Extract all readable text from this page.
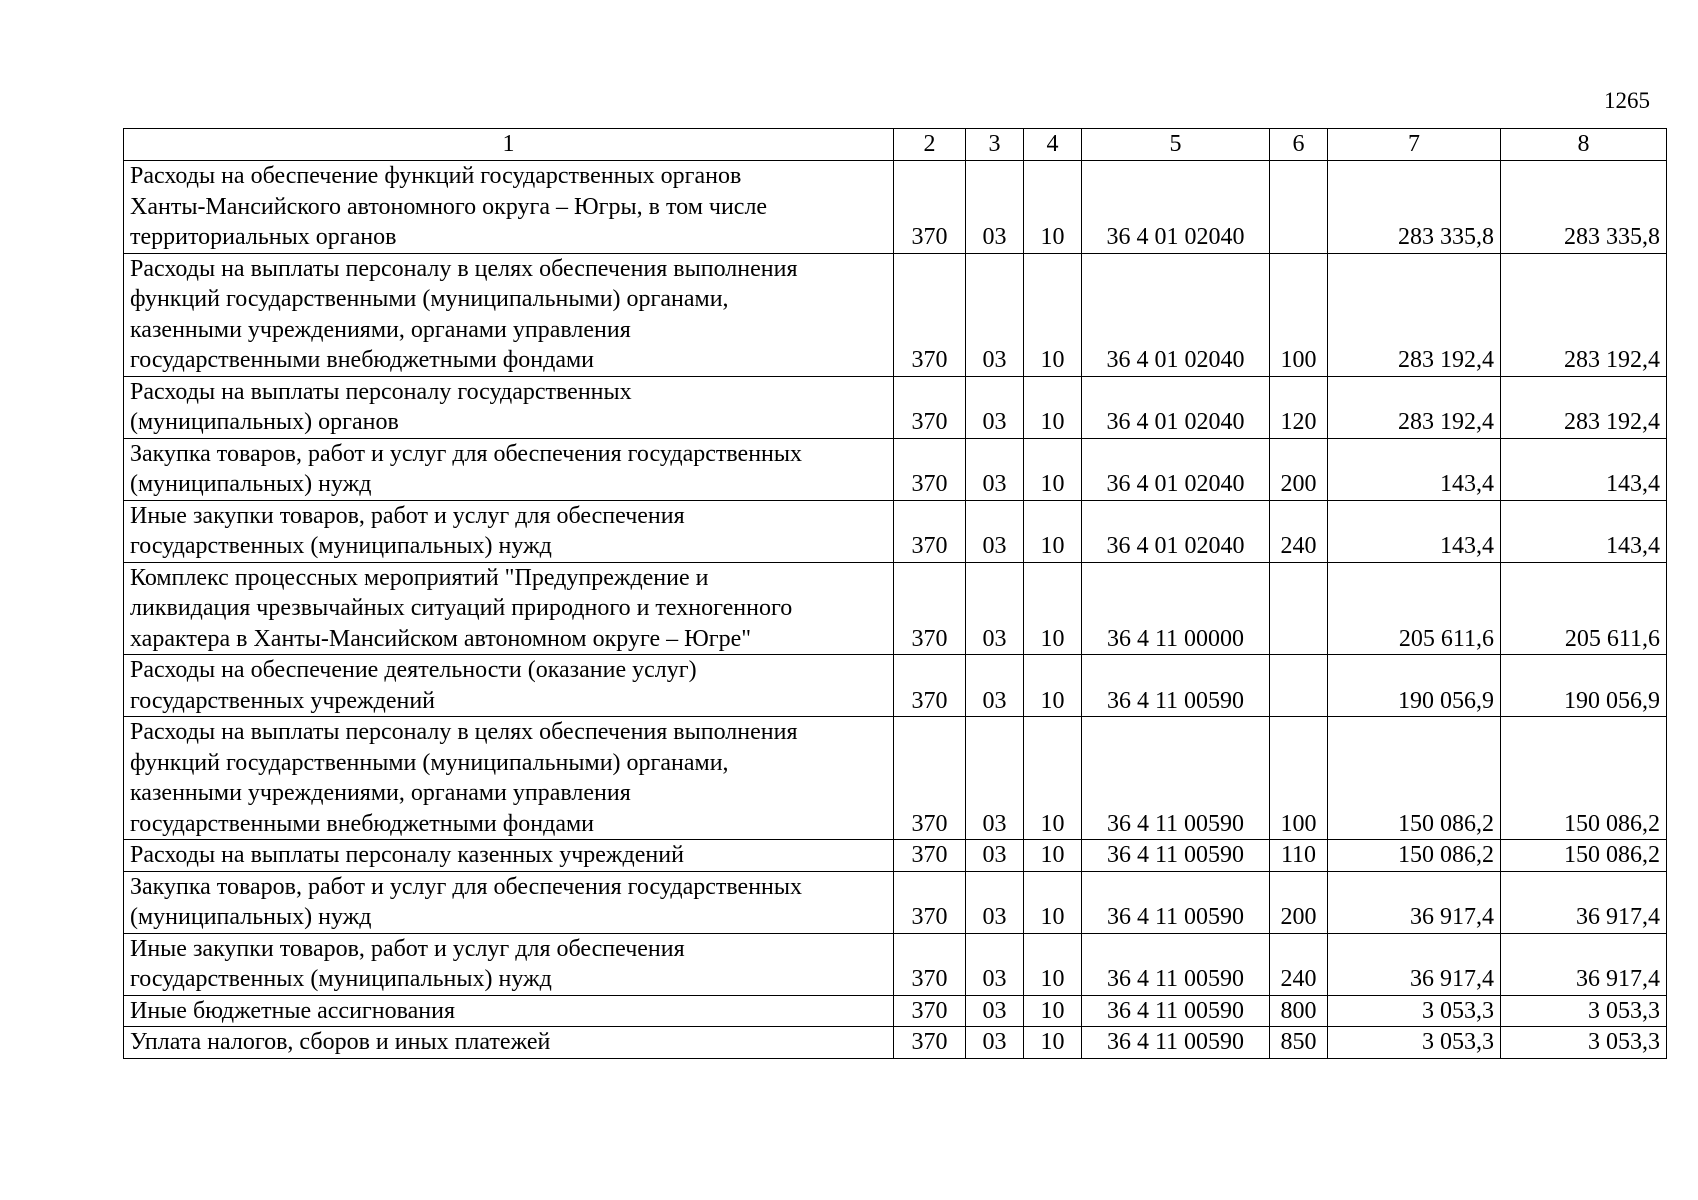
1265
1	2	3	4	5	6	7	8
Расходы на обеспечение функций государственных органов
Ханты-Мансийского автономного округа – Югры, в том числе
территориальных органов	370	03	10	36 4 01 02040		283 335,8	283 335,8
Расходы на выплаты персоналу в целях обеспечения выполнения
функций государственными (муниципальными) органами,
казенными учреждениями, органами управления
государственными внебюджетными фондами	370	03	10	36 4 01 02040	100	283 192,4	283 192,4
Расходы на выплаты персоналу государственных
(муниципальных) органов	370	03	10	36 4 01 02040	120	283 192,4	283 192,4
Закупка товаров, работ и услуг для обеспечения государственных
(муниципальных) нужд	370	03	10	36 4 01 02040	200	143,4	143,4
Иные закупки товаров, работ и услуг для обеспечения
государственных (муниципальных) нужд	370	03	10	36 4 01 02040	240	143,4	143,4
Комплекс процессных мероприятий "Предупреждение и
ликвидация чрезвычайных ситуаций природного и техногенного
характера в Ханты-Мансийском автономном округе – Югре"	370	03	10	36 4 11 00000		205 611,6	205 611,6
Расходы на обеспечение деятельности (оказание услуг)
государственных учреждений	370	03	10	36 4 11 00590		190 056,9	190 056,9
Расходы на выплаты персоналу в целях обеспечения выполнения
функций государственными (муниципальными) органами,
казенными учреждениями, органами управления
государственными внебюджетными фондами	370	03	10	36 4 11 00590	100	150 086,2	150 086,2
Расходы на выплаты персоналу казенных учреждений	370	03	10	36 4 11 00590	110	150 086,2	150 086,2
Закупка товаров, работ и услуг для обеспечения государственных
(муниципальных) нужд	370	03	10	36 4 11 00590	200	36 917,4	36 917,4
Иные закупки товаров, работ и услуг для обеспечения
государственных (муниципальных) нужд	370	03	10	36 4 11 00590	240	36 917,4	36 917,4
Иные бюджетные ассигнования	370	03	10	36 4 11 00590	800	3 053,3	3 053,3
Уплата налогов, сборов и иных платежей	370	03	10	36 4 11 00590	850	3 053,3	3 053,3
